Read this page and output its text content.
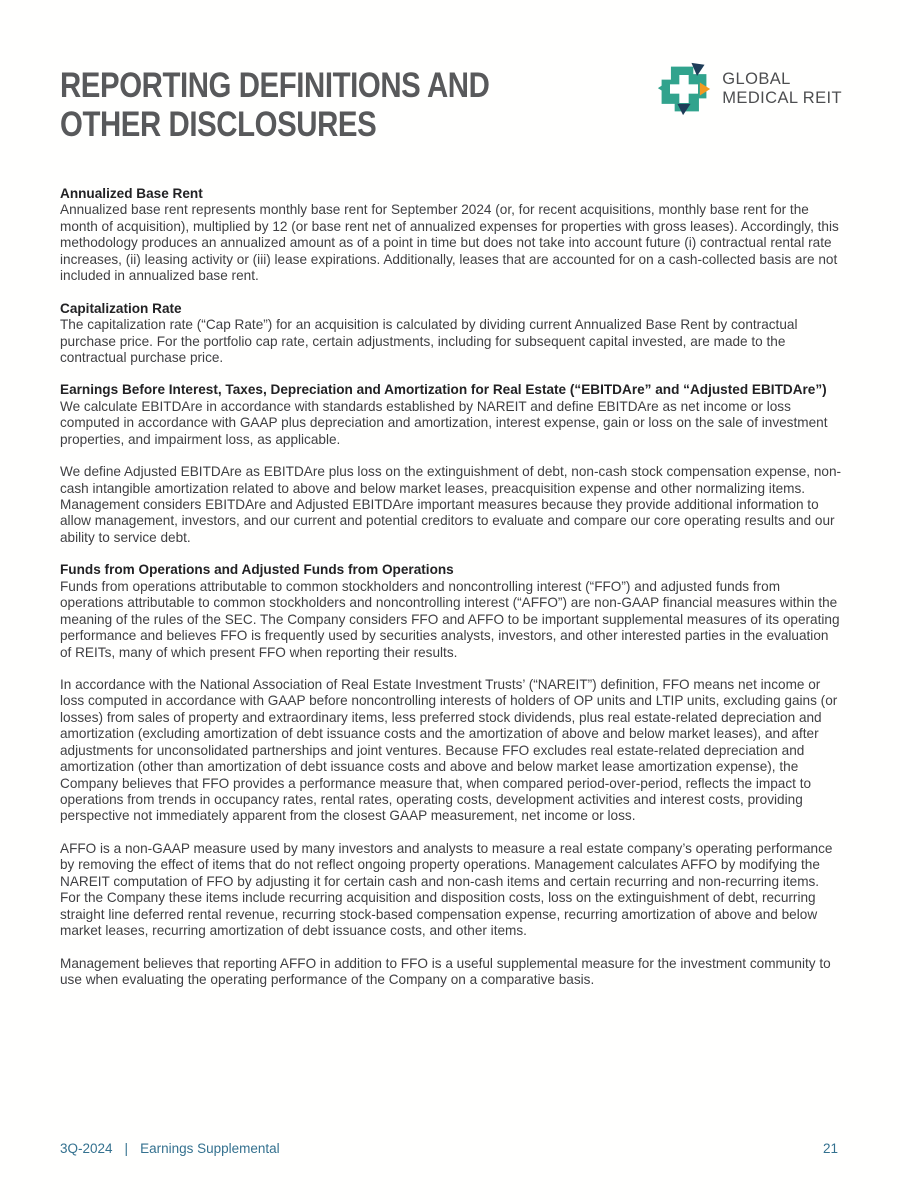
REPORTING DEFINITIONS AND
OTHER DISCLOSURES
GLOBAL
MEDICAL REIT
Annualized Base Rent

Annualized base rent represents monthly base rent for September 2024 (or, for recent acquisitions, monthly base rent for the month of acquisition), multiplied by 12 (or base rent net of annualized expenses for properties with gross leases). Accordingly, this methodology produces an annualized amount as of a point in time but does not take into account future (i) contractual rental rate increases, (ii) leasing activity or (iii) lease expirations. Additionally, leases that are accounted for on a cash-collected basis are not included in annualized base rent.

Capitalization Rate

The capitalization rate (“Cap Rate”) for an acquisition is calculated by dividing current Annualized Base Rent by contractual purchase price. For the portfolio cap rate, certain adjustments, including for subsequent capital invested, are made to the contractual purchase price.

Earnings Before Interest, Taxes, Depreciation and Amortization for Real Estate (“EBITDAre” and “Adjusted EBITDAre”)

We calculate EBITDAre in accordance with standards established by NAREIT and define EBITDAre as net income or loss computed in accordance with GAAP plus depreciation and amortization, interest expense, gain or loss on the sale of investment properties, and impairment loss, as applicable.

We define Adjusted EBITDAre as EBITDAre plus loss on the extinguishment of debt, non-cash stock compensation expense, non-cash intangible amortization related to above and below market leases, preacquisition expense and other normalizing items. Management considers EBITDAre and Adjusted EBITDAre important measures because they provide additional information to allow management, investors, and our current and potential creditors to evaluate and compare our core operating results and our ability to service debt.

Funds from Operations and Adjusted Funds from Operations

Funds from operations attributable to common stockholders and noncontrolling interest (“FFO”) and adjusted funds from operations attributable to common stockholders and noncontrolling interest (“AFFO”) are non-GAAP financial measures within the meaning of the rules of the SEC. The Company considers FFO and AFFO to be important supplemental measures of its operating performance and believes FFO is frequently used by securities analysts, investors, and other interested parties in the evaluation of REITs, many of which present FFO when reporting their results.

In accordance with the National Association of Real Estate Investment Trusts’ (“NAREIT”) definition, FFO means net income or loss computed in accordance with GAAP before noncontrolling interests of holders of OP units and LTIP units, excluding gains (or losses) from sales of property and extraordinary items, less preferred stock dividends, plus real estate-related depreciation and amortization (excluding amortization of debt issuance costs and the amortization of above and below market leases), and after adjustments for unconsolidated partnerships and joint ventures. Because FFO excludes real estate-related depreciation and amortization (other than amortization of debt issuance costs and above and below market lease amortization expense), the Company believes that FFO provides a performance measure that, when compared period-over-period, reflects the impact to operations from trends in occupancy rates, rental rates, operating costs, development activities and interest costs, providing perspective not immediately apparent from the closest GAAP measurement, net income or loss.

AFFO is a non-GAAP measure used by many investors and analysts to measure a real estate company’s operating performance by removing the effect of items that do not reflect ongoing property operations. Management calculates AFFO by modifying the NAREIT computation of FFO by adjusting it for certain cash and non-cash items and certain recurring and non-recurring items. For the Company these items include recurring acquisition and disposition costs, loss on the extinguishment of debt, recurring straight line deferred rental revenue, recurring stock-based compensation expense, recurring amortization of above and below market leases, recurring amortization of debt issuance costs, and other items.

Management believes that reporting AFFO in addition to FFO is a useful supplemental measure for the investment community to use when evaluating the operating performance of the Company on a comparative basis.

3Q-2024 | Earnings Supplemental	21
